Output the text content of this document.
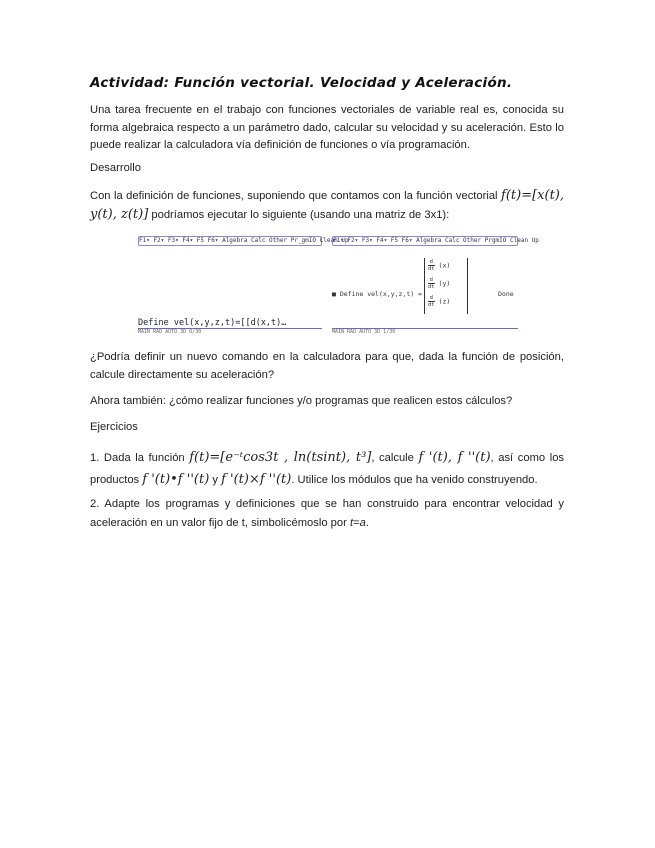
Actividad: Función vectorial. Velocidad y Aceleración.
Una tarea frecuente en el trabajo con funciones vectoriales de variable real es, conocida su forma algebraica respecto a un parámetro dado, calcular su velocidad y su aceleración. Esto lo puede realizar la calculadora vía definición de funciones o vía programación.
Desarrollo
Con la definición de funciones, suponiendo que contamos con la función vectorial f(t)=[x(t), y(t), z(t)] podríamos ejecutar lo siguiente (usando una matriz de 3x1):
F1▾ F2▾ F3▾ F4▾ F5 F6▾ Algebra Calc Other Pr̲gmIO Clean Up
Define vel(x,y,z,t)=[[d(x,t)…
MAIN RAD AUTO 3D 0/30
F1▾ F2▾ F3▾ F4▾ F5 F6▾ Algebra Calc Other PrgmIO Clean Up
■ Define vel(x,y,z,t) =
$\frac{d}{dt} (x)$
$\frac{d}{dt} (y)$
$\frac{d}{dt} (z)$
Done
MAIN RAD AUTO 3D 1/30
¿Podría definir un nuevo comando en la calculadora para que, dada la función de posición, calcule directamente su aceleración?
Ahora también: ¿cómo realizar funciones y/o programas que realicen estos cálculos?
Ejercicios
1. Dada la función f(t)=[e⁻ᵗcos3t , ln(tsint), t³], calcule f '(t), f ''(t), así como los productos f '(t)•f ''(t) y f '(t)×f ''(t). Utilice los módulos que ha venido construyendo.
2. Adapte los programas y definiciones que se han construido para encontrar velocidad y aceleración en un valor fijo de t, simbolicémoslo por t=a.
